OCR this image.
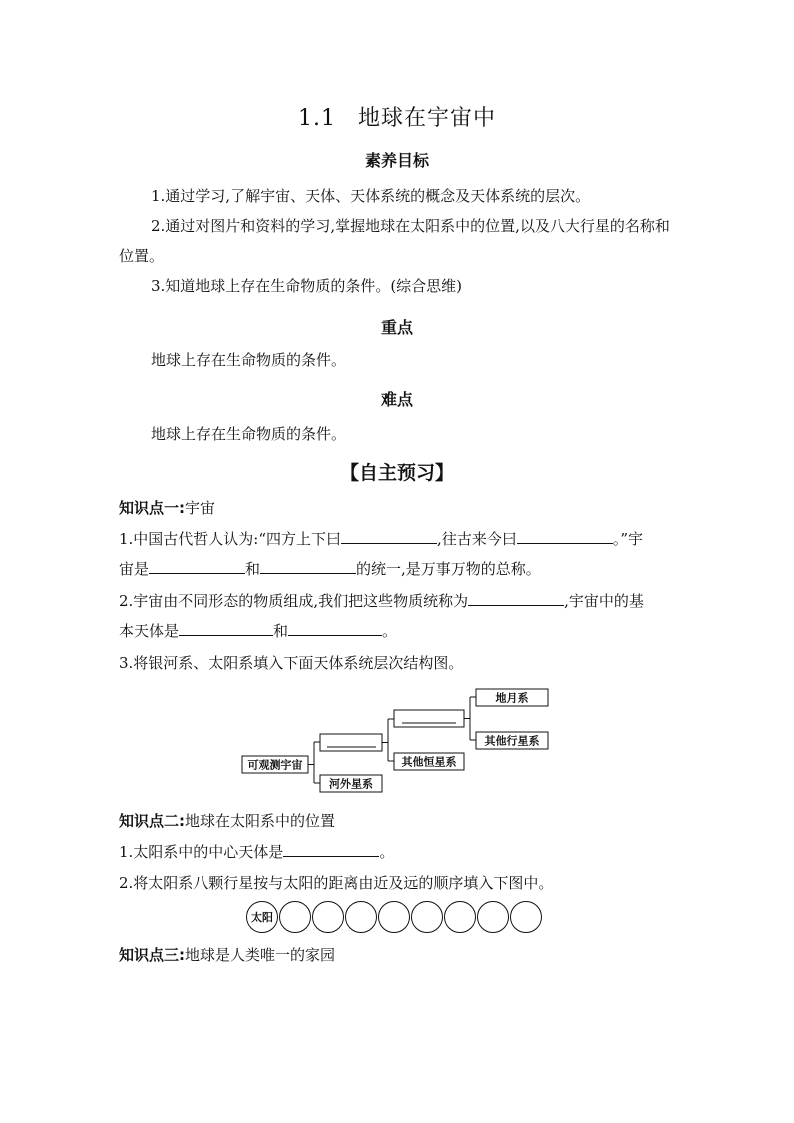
1.1 地球在宇宙中
素养目标
1.通过学习,了解宇宙、天体、天体系统的概念及天体系统的层次。
2.通过对图片和资料的学习,掌握地球在太阳系中的位置,以及八大行星的名称和位置。
3.知道地球上存在生命物质的条件。(综合思维)
重点
地球上存在生命物质的条件。
难点
地球上存在生命物质的条件。
【自主预习】
知识点一:宇宙
1.中国古代哲人认为:“四方上下曰	,往古来今曰	。”宇
宙是	和	的统一,是万事万物的总称。
2.宇宙由不同形态的物质组成,我们把这些物质统称为	,宇宙中的基
本天体是	和	。
3.将银河系、太阳系填入下面天体系统层次结构图。
可观测宇宙
河外星系
其他恒星系
地月系
其他行星系
知识点二:地球在太阳系中的位置
1.太阳系中的中心天体是	。
2.将太阳系八颗行星按与太阳的距离由近及远的顺序填入下图中。
太阳
知识点三:地球是人类唯一的家园
